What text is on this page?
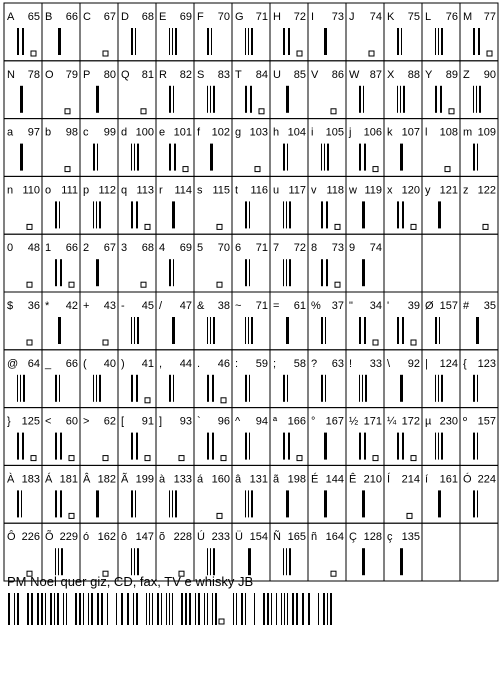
A 65 B 66 C 67 D 68 E 69 F 70 G 71 H 72 I 73 J 74 K 75 L 76 M 77
N 78 O 79 P 80 Q 81 R 82 S 83 T 84 U 85 V 86 W 87 X 88 Y 89 Z 90
a 97 b 98 c 99 d 100 e 101 f 102 g 103 h 104 i 105 j 106 k 107 l 108 m 109
n 110 o 111 p 112 q 113 r 114 s 115 t 116 u 117 v 118 w 119 x 120 y 121 z 122
0 48 1 66 2 67 3 68 4 69 5 70 6 71 7 72 8 73 9 74
$ 36 * 42 + 43 - 45 / 47 & 38 ~ 71 = 61 % 37 " 34 ' 39 Ø 157 # 35
@ 64 _ 66 ( 40 ) 41 , 44 . 46 : 59 ; 58 ? 63 ! 33 \ 92 | 124 { 123
} 125 < 60 > 62 [ 91 ] 93 ` 96 ^ 94 ª 166 ° 167 ½ 171 ¼ 172 µ 230 º 157
À 183 Á 181 Â 182 Ã 199 à 133 á 160 â 131 ã 198 É 144 Ê 210 Í 214 í 161 Ó 224
Ô 226 Õ 229 ó 162 ô 147 õ 228 Ú 233 Ü 154 Ñ 165 ñ 164 Ç 128 ç 135
PM Noel quer giz, CD, fax, TV e whisky JB
